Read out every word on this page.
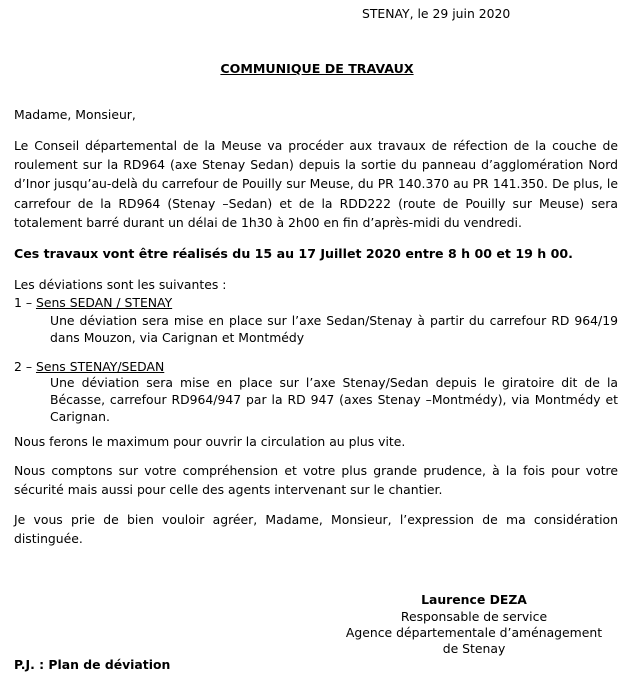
STENAY, le 29 juin 2020
COMMUNIQUE DE TRAVAUX
Madame, Monsieur,
Le Conseil départemental de la Meuse va procéder aux travaux de réfection de la couche de roulement sur la RD964 (axe Stenay Sedan) depuis la sortie du panneau d’agglomération Nord d’Inor jusqu’au-delà du carrefour de Pouilly sur Meuse, du PR 140.370 au PR 141.350. De plus, le carrefour de la RD964 (Stenay –Sedan) et de la RDD222 (route de Pouilly sur Meuse) sera totalement barré durant un délai de 1h30 à 2h00 en fin d’après-midi du vendredi.
Ces travaux vont être réalisés du 15 au 17 Juillet 2020 entre 8 h 00 et 19 h 00.
Les déviations sont les suivantes :
1 – Sens SEDAN / STENAY
Une déviation sera mise en place sur l’axe Sedan/Stenay à partir du carrefour RD 964/19 dans Mouzon, via Carignan et Montmédy
2 – Sens STENAY/SEDAN
Une déviation sera mise en place sur l’axe Stenay/Sedan depuis le giratoire dit de la Bécasse, carrefour RD964/947 par la RD 947 (axes Stenay –Montmédy), via Montmédy et Carignan.
Nous ferons le maximum pour ouvrir la circulation au plus vite.
Nous comptons sur votre compréhension et votre plus grande prudence, à la fois pour votre sécurité mais aussi pour celle des agents intervenant sur le chantier.
Je vous prie de bien vouloir agréer, Madame, Monsieur, l’expression de ma considération distinguée.
Laurence DEZA
Responsable de service
Agence départementale d’aménagement
de Stenay
P.J. : Plan de déviation
